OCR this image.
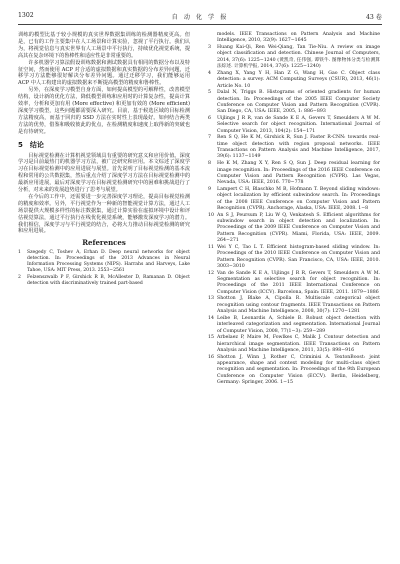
1302	自 动 化 学 报	43 卷

训练的模型比基于较小规模的真实世界数据集训练的检测器精度更高。但是，已有的工作主要集中在人工场景和计算实验，忽视了平行执行。我们认为，将视觉信息与真实世界有人工场景中平行执行，持续优化视觉系统，提高其在复杂环境下的鲁棒性和适应性是非常重要的。

许多机器学习算法假设训练数据和测试数据具有相同的数据分布以及特征空间，然而使用 ACP 对合适的虚拟数据和真实数据的分布差异问题，迁移学习方法能够很好解决分布差异问题。通过迁移学习，我们能够运用 ACP 中人工构建出的虚拟数据来不断提高模型的精度和鲁棒性。

另外，在深度学习模型自身方面，如何提高模型的可解释性，改善模型结构，设计新的优化方法，降低模型训练和应用时的计算复杂性，提高计算效率，分析和更加有用 (More effective) 和更加有效的 (More efficient) 深度学习模型，这些问题都需要深入研究。目前，基于候选区域的目标检测方法精度高，而基于回归的 SSD 方法在实时性上表现最好。如何结合两类方法的优势，借鉴和吸收彼此的优点，在检测精度和速度上取得新的突破也是有待研究。

5　结论

目标视觉检测在计算机视觉领域具有重要的研究意义和应用价值。深度学习是目前最热门的机器学习方法，被广泛研究和应用。本文综述了深度学习在目标视觉检测中的应用进展与展望。首先说明了目标视觉检测的基本流程和常用的公共数据集，然后重点介绍了深度学习方法在目标视觉检测中的最新应用进展，最后对深度学习在目标视觉检测研究中的困难和挑战进行了分析，对未来的发展趋势进行了思考与展望。

在今后的工作中，还需要进一步完善深度学习理论，提高目标视觉检测的精度和效率。另外，平行视觉作为一种新的智能视觉计算方法，通过人工场景提供大规模多样性的标注数据集，通过计算实验在虚拟环境中设计和评估视觉算法，通过平行执行在线优化视觉系统，能够激发深度学习的潜力。我们相信，深度学习与平行视觉的结合，必将大力推动目标视觉检测的研究和应用进展。

References
1	Szegedy C, Toshev A, Erhan D. Deep neural networks for object detection. In: Proceedings of the 2013 Advances in Neural Information Processing Systems (NIPS). Harrahs and Harveys, Lake Tahoe, USA: MIT Press, 2013. 2553−2561
2	Felzenszwalb P F, Girshick R B, McAllester D, Ramanan D. Object detection with discriminatively trained part-based
models. IEEE Transactions on Pattern Analysis and Machine Intelligence, 2010, 32(9): 1627−1645
3	Huang Kai-Qi, Ren Wei-Qiang, Tan Tie-Niu. A review on image object classification and detection. Chinese Journal of Computers, 2014, 37(6): 1225−1240 (黄凯奇, 任伟强, 谭铁牛. 图像物体分类与检测算法综述. 计算机学报, 2014, 37(6): 1225−1240)
4	Zhang X, Yang Y H, Han Z G, Wang H, Gao C. Object class detection: a survey. ACM Computing Surveys (CSUR), 2013, 46(1): Article No. 10
5	Dalal N, Triggs B. Histograms of oriented gradients for human detection. In: Proceedings of the 2005 IEEE Computer Society Conference on Computer Vision and Pattern Recognition (CVPR). San Diego, CA, USA: IEEE, 2005, 1: 886−893
6	Uijlings J R R, van de Sande K E A, Gevers T, Smeulders A W M. Selective search for object recognition. International Journal of Computer Vision, 2013, 104(2): 154−171
7	Ren S Q, He K M, Girshick R, Sun J. Faster R-CNN: towards real-time object detection with region proposal networks. IEEE Transactions on Pattern Analysis and Machine Intelligence, 2017, 39(6): 1137−1149
8	He K M, Zhang X Y, Ren S Q, Sun J. Deep residual learning for image recognition. In: Proceedings of the 2016 IEEE Conference on Computer Vision and Pattern Recognition (CVPR). Las Vegas, Nevada, USA: IEEE, 2016. 770−778
9	Lampert C H, Blaschko M B, Hofmann T. Beyond sliding windows: object localization by efficient subwindow search. In: Proceedings of the 2008 IEEE Conference on Computer Vision and Pattern Recognition (CVPR). Anchorage, Alaska, USA: IEEE, 2008. 1−8
10 An S J, Peursum P, Liu W Q, Venkatesh S. Efficient algorithms for subwindow search in object detection and localization. In: Proceedings of the 2009 IEEE Conference on Computer Vision and Pattern Recognition (CVPR). Miami, Florida, USA: IEEE, 2009. 264−271
11 Wei Y C, Tao L T. Efficient histogram-based sliding window. In: Proceedings of the 2010 IEEE Conference on Computer Vision and Pattern Recognition (CVPR). San Francisco, CA, USA: IEEE, 2010. 3003−3010
12 Van de Sande K E A, Uijlings J R R, Gevers T, Smeulders A W M. Segmentation as selective search for object recognition. In: Proceedings of the 2011 IEEE International Conference on Computer Vision (ICCV). Barcelona, Spain: IEEE, 2011. 1879−1886
13 Shotton J, Blake A, Cipolla R. Multiscale categorical object recognition using contour fragments. IEEE Transactions on Pattern Analysis and Machine Intelligence, 2008, 30(7): 1270−1281
14 Leibe B, Leonardis A, Schiele B. Robust object detection with interleaved categorization and segmentation. International Journal of Computer Vision, 2008, 77(1−3): 259−289
15 Arbelaez P, Maire M, Fowlkes C, Malik J. Contour detection and hierarchical image segmentation. IEEE Transactions on Pattern Analysis and Machine Intelligence, 2011, 33(5): 898−916
16 Shotton J, Winn J, Rother C, Criminisi A. TextonBoost: joint appearance, shape and context modeling for multi-class object recognition and segmentation. In: Proceedings of the 9th European Conference on Computer Vision (ECCV). Berlin, Heidelberg, Germany: Springer, 2006. 1−15
